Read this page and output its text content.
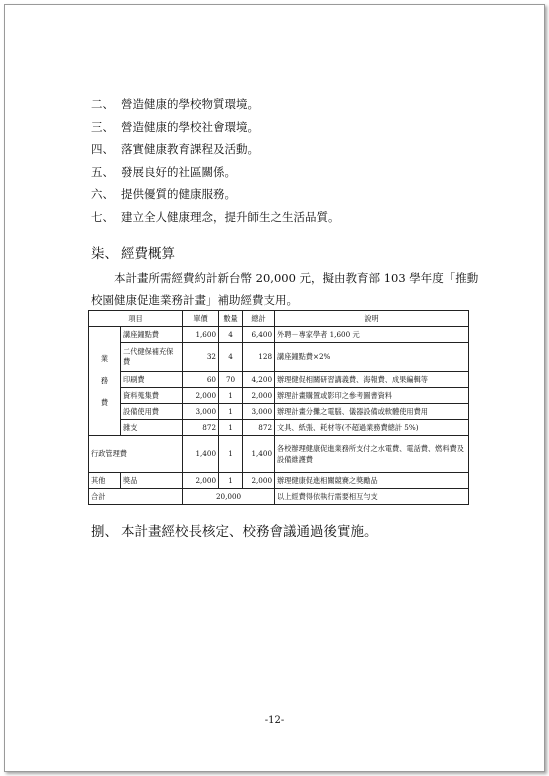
二、 營造健康的學校物質環境。
三、 營造健康的學校社會環境。
四、 落實健康教育課程及活動。
五、 發展良好的社區關係。
六、 提供優質的健康服務。
七、 建立全人健康理念，提升師生之生活品質。
柒、 經費概算

本計畫所需經費約計新台幣 20,000 元，擬由教育部 103 學年度「推動校園健康促進業務計畫」補助經費支用。

項目		單價	數量	總計	說明

業
務
費	講座鐘點費	1,600	4	6,400	外聘－專家學者 1,600 元
	二代健保補充保費	32	4	128	講座鐘點費×2%
	印刷費	60	70	4,200	辦理健促相關研習講義費、海報費、成果編輯等
	資料蒐集費	2,000	1	2,000	辦理計畫購置或影印之參考圖書資料
	設備使用費	3,000	1	3,000	辦理計畫分攤之電腦、儀器設備或軟體使用費用
	雜支	872	1	872	文具、紙張、耗材等(不超過業務費總計 5%)
行政管理費		1,400	1	1,400	各校辦理健康促進業務所支付之水電費、電話費、燃料費及設備維護費
其他	獎品	2,000	1	2,000	辦理健康促進相關競賽之獎勵品
合計		20,000			以上經費得依執行需要相互勻支
捌、 本計畫經校長核定、校務會議通過後實施。
-12-
